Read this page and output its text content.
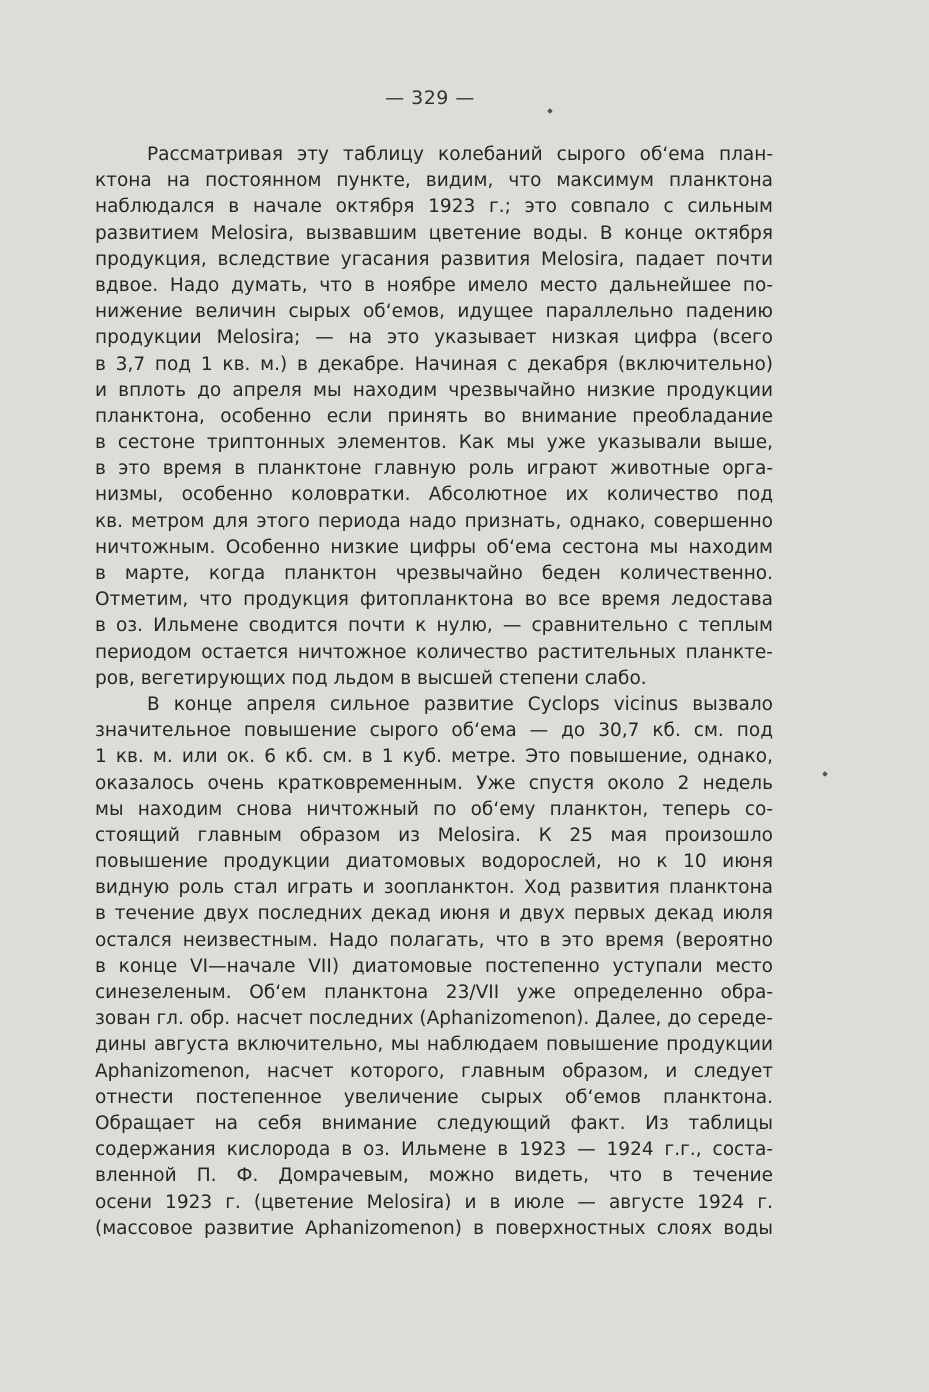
— 329 —
Рассматривая эту таблицу колебаний сырого об‘ема план-
ктона на постоянном пункте, видим, что максимум планктона
наблюдался в начале октября 1923 г.; это совпало с сильным
развитием Melosira, вызвавшим цветение воды. В конце октября
продукция, вследствие угасания развития Melosira, падает почти
вдвое. Надо думать, что в ноябре имело место дальнейшее по-
нижение величин сырых об‘емов, идущее параллельно падению
продукции Melosira; — на это указывает низкая цифра (всего
в 3,7 под 1 кв. м.) в декабре. Начиная с декабря (включительно)
и вплоть до апреля мы находим чрезвычайно низкие продукции
планктона, особенно если принять во внимание преобладание
в сестоне триптонных элементов. Как мы уже указывали выше,
в это время в планктоне главную роль играют животные орга-
низмы, особенно коловратки. Абсолютное их количество под
кв. метром для этого периода надо признать, однако, совершенно
ничтожным. Особенно низкие цифры об‘ема сестона мы находим
в марте, когда планктон чрезвычайно беден количественно.
Отметим, что продукция фитопланктона во все время ледостава
в оз. Ильмене сводится почти к нулю, — сравнительно с теплым
периодом остается ничтожное количество растительных планкте-
ров, вегетирующих под льдом в высшей степени слабо.
В конце апреля сильное развитие Cyclops vicinus вызвало
значительное повышение сырого об‘ема — до 30,7 кб. см. под
1 кв. м. или ок. 6 кб. см. в 1 куб. метре. Это повышение, однако,
оказалось очень кратковременным. Уже спустя около 2 недель
мы находим снова ничтожный по об‘ему планктон, теперь со-
стоящий главным образом из Melosira. К 25 мая произошло
повышение продукции диатомовых водорослей, но к 10 июня
видную роль стал играть и зоопланктон. Ход развития планктона
в течение двух последних декад июня и двух первых декад июля
остался неизвестным. Надо полагать, что в это время (вероятно
в конце VI—начале VII) диатомовые постепенно уступали место
синезеленым. Об‘ем планктона 23/VII уже определенно обра-
зован гл. обр. насчет последних (Aphanizomenon). Далее, до середе-
дины августа включительно, мы наблюдаем повышение продукции
Aphanizomenon, насчет которого, главным образом, и следует
отнести постепенное увеличение сырых об‘емов планктона.
Обращает на себя внимание следующий факт. Из таблицы
содержания кислорода в оз. Ильмене в 1923 — 1924 г.г., соста-
вленной П. Ф. Домрачевым, можно видеть, что в течение
осени 1923 г. (цветение Melosira) и в июле — августе 1924 г.
(массовое развитие Aphanizomenon) в поверхностных слоях воды
